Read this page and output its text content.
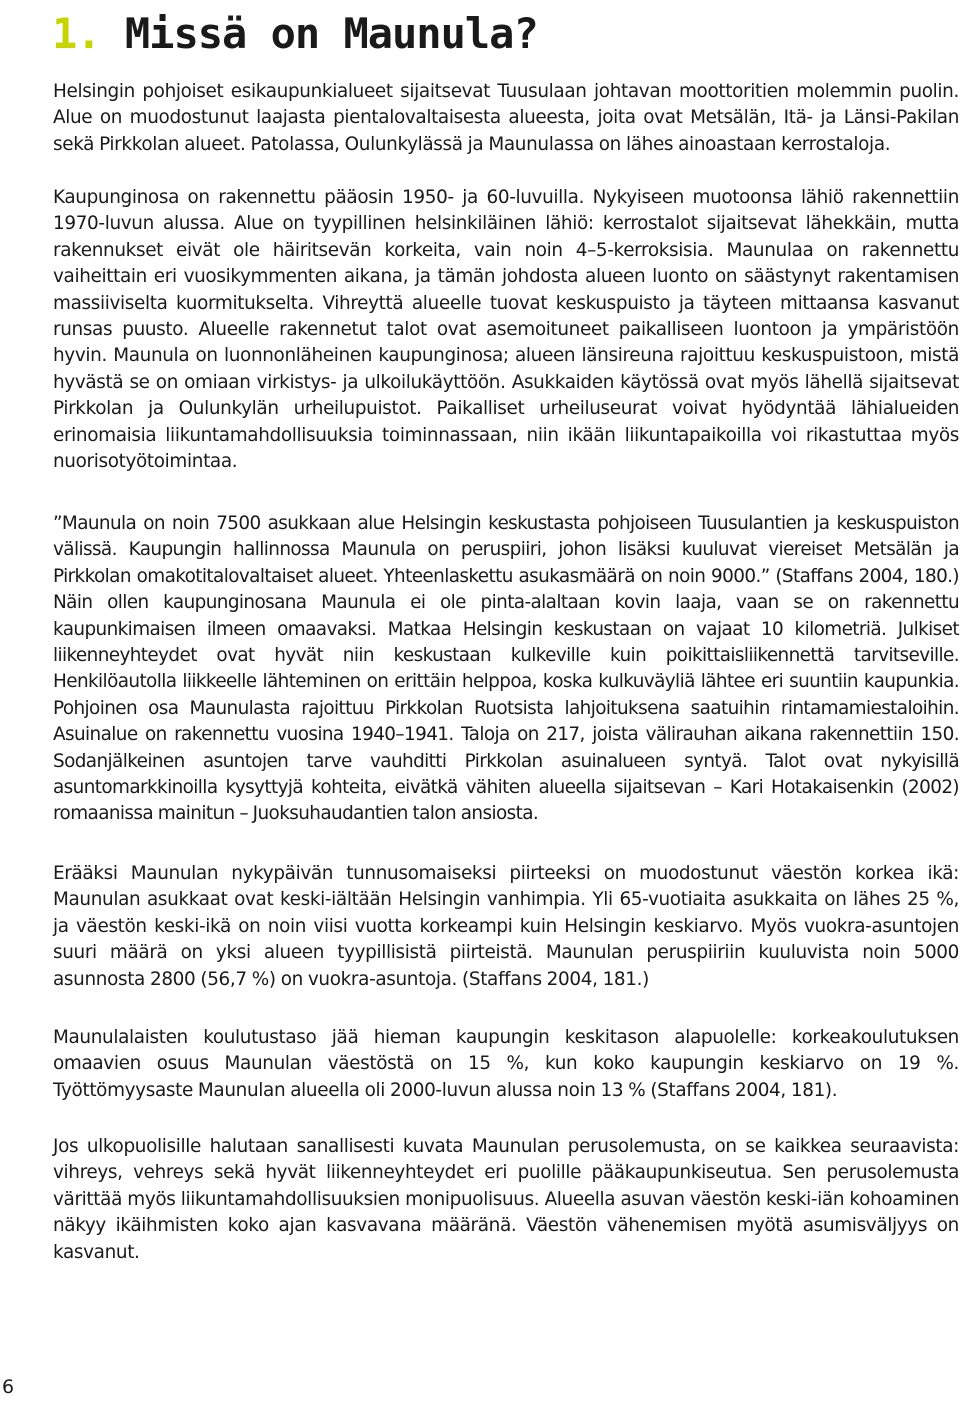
1. Missä on Maunula?

Helsingin pohjoiset esikaupunkialueet sijaitsevat Tuusulaan johtavan moottoritien molemmin puolin. Alue on muodostunut laajasta pientalovaltaisesta alueesta, joita ovat Metsälän, Itä- ja Länsi-Pakilan sekä Pirkkolan alueet. Patolassa, Oulunkylässä ja Maunulassa on lähes ainoastaan kerrostaloja.

Kaupunginosa on rakennettu pääosin 1950- ja 60-luvuilla. Nykyiseen muotoonsa lähiö rakennettiin 1970-luvun alussa. Alue on tyypillinen helsinkiläinen lähiö: kerrostalot sijaitsevat lähekkäin, mutta rakennukset eivät ole häiritsevän korkeita, vain noin 4–5-kerroksisia. Maunulaa on rakennettu vaiheittain eri vuosikymmenten aikana, ja tämän johdosta alueen luonto on säästynyt rakentamisen massiiviselta kuormitukselta. Vihreyttä alueelle tuovat keskuspuisto ja täyteen mittaansa kasvanut runsas puusto. Alueelle rakennetut talot ovat asemoituneet paikalliseen luontoon ja ympäristöön hyvin. Maunula on luonnonläheinen kaupunginosa; alueen länsireuna rajoittuu keskuspuistoon, mistä hyvästä se on omiaan virkistys- ja ulkoilukäyttöön. Asukkaiden käytössä ovat myös lähellä sijaitsevat Pirkkolan ja Oulunkylän urheilupuistot. Paikalliset urheiluseurat voivat hyödyntää lähialueiden erinomaisia liikuntamahdollisuuksia toiminnassaan, niin ikään liikuntapaikoilla voi rikastuttaa myös nuorisotyötoimintaa.

”Maunula on noin 7500 asukkaan alue Helsingin keskustasta pohjoiseen Tuusulantien ja keskuspuiston välissä. Kaupungin hallinnossa Maunula on peruspiiri, johon lisäksi kuuluvat viereiset Metsälän ja Pirkkolan omakotitalovaltaiset alueet. Yhteenlaskettu asukasmäärä on noin 9000.” (Staffans 2004, 180.) Näin ollen kaupunginosana Maunula ei ole pinta-alaltaan kovin laaja, vaan se on rakennettu kaupunkimaisen ilmeen omaavaksi. Matkaa Helsingin keskustaan on vajaat 10 kilometriä. Julkiset liikenneyhteydet ovat hyvät niin keskustaan kulkeville kuin poikittaisliikennettä tarvitseville. Henkilöautolla liikkeelle lähteminen on erittäin helppoa, koska kulkuväyliä lähtee eri suuntiin kaupunkia. Pohjoinen osa Maunulasta rajoittuu Pirkkolan Ruotsista lahjoituksena saatuihin rintamamiestaloihin. Asuinalue on rakennettu vuosina 1940–1941. Taloja on 217, joista välirauhan aikana rakennettiin 150. Sodanjälkeinen asuntojen tarve vauhditti Pirkkolan asuinalueen syntyä. Talot ovat nykyisillä asuntomarkkinoilla kysyttyjä kohteita, eivätkä vähiten alueella sijaitsevan – Kari Hotakaisenkin (2002) romaanissa mainitun – Juoksuhaudantien talon ansiosta.

Erääksi Maunulan nykypäivän tunnusomaiseksi piirteeksi on muodostunut väestön korkea ikä: Maunulan asukkaat ovat keski-iältään Helsingin vanhimpia. Yli 65-vuotiaita asukkaita on lähes 25 %, ja väestön keski-ikä on noin viisi vuotta korkeampi kuin Helsingin keskiarvo. Myös vuokra-asuntojen suuri määrä on yksi alueen tyypillisistä piirteistä. Maunulan peruspiiriin kuuluvista noin 5000 asunnosta 2800 (56,7 %) on vuokra-asuntoja. (Staffans 2004, 181.)

Maunulalaisten koulutustaso jää hieman kaupungin keskitason alapuolelle: korkeakoulutuksen omaavien osuus Maunulan väestöstä on 15 %, kun koko kaupungin keskiarvo on 19 %. Työttömyysaste Maunulan alueella oli 2000-luvun alussa noin 13 % (Staffans 2004, 181).

Jos ulkopuolisille halutaan sanallisesti kuvata Maunulan perusolemusta, on se kaikkea seuraavista: vihreys, vehreys sekä hyvät liikenneyhteydet eri puolille pääkaupunkiseutua. Sen perusolemusta värittää myös liikuntamahdollisuuksien monipuolisuus. Alueella asuvan väestön keski-iän kohoaminen näkyy ikäihmisten koko ajan kasvavana määränä. Väestön vähenemisen myötä asumisväljyys on kasvanut.

6
